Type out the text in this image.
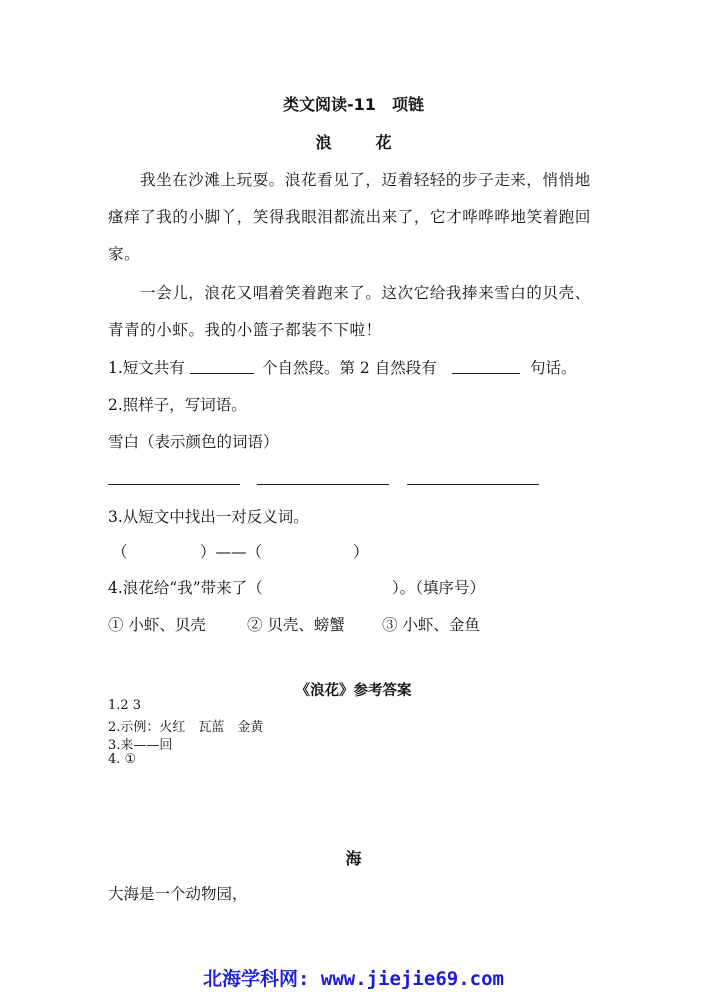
类文阅读-11　项链
浪　花
我坐在沙滩上玩耍。浪花看见了，迈着轻轻的步子走来，悄悄地
瘙痒了我的小脚丫，笑得我眼泪都流出来了，它才哗哗哗地笑着跑回
家。
一会儿，浪花又唱着笑着跑来了。这次它给我捧来雪白的贝壳、
青青的小虾。我的小篮子都装不下啦！
1.短文共有	个自然段。第 2 自然段有	句话。
2.照样子，写词语。
雪白（表示颜色的词语）
3.从短文中找出一对反义词。
（	）——（	）
4.浪花给“我”带来了（	）。（填序号）
① 小虾、贝壳	② 贝壳、螃蟹 ③ 小虾、金鱼
《浪花》参考答案
1.2 3
2.示例：火红　瓦蓝　金黄
3.来——回
4. ①
海
大海是一个动物园，
北海学科网: www.jiejie69.com
